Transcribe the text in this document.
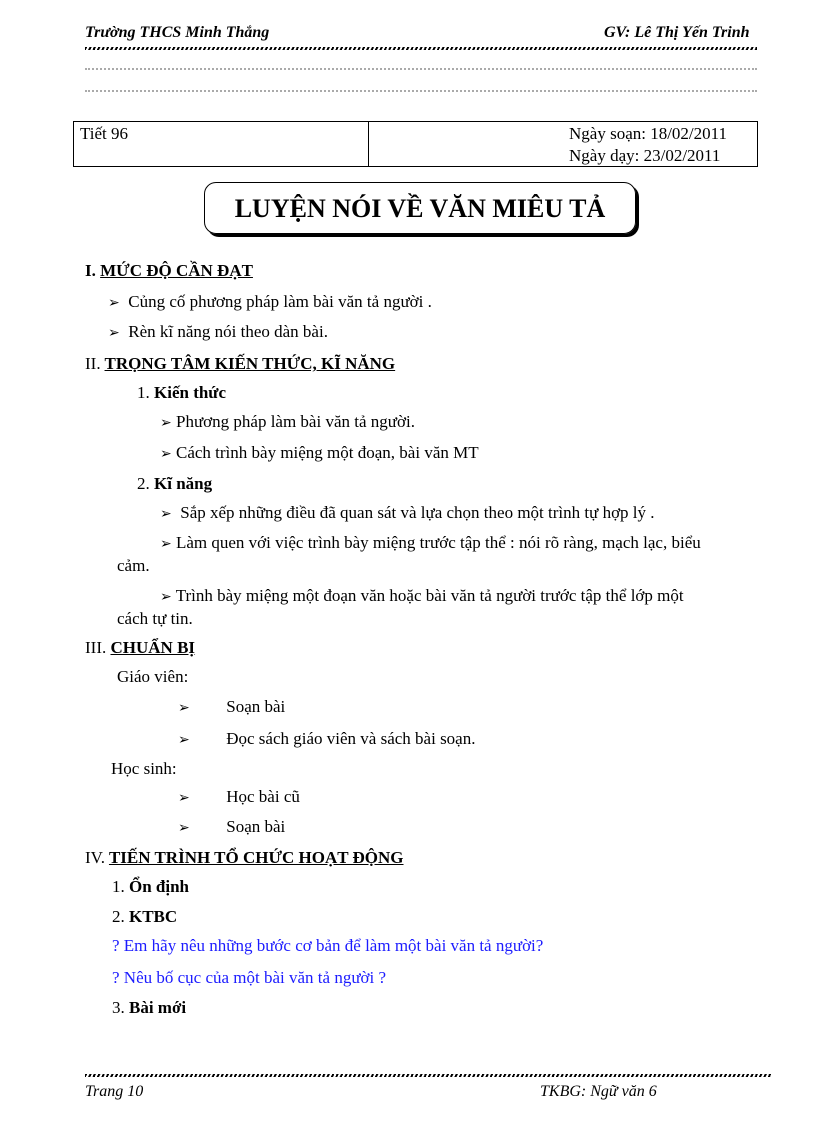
Trường THCS Minh Thắng	GV: Lê Thị Yến Trinh
Tiết 96	Ngày soạn: 18/02/2011
Ngày dạy: 23/02/2011
LUYỆN NÓI VỀ VĂN MIÊU TẢ
I. MỨC ĐỘ CẦN ĐẠT
➢ Củng cố phương pháp làm bài văn tả người .
➢ Rèn kĩ năng nói theo dàn bài.
II. TRỌNG TÂM KIẾN THỨC, KĨ NĂNG
1. Kiến thức
➢ Phương pháp làm bài văn tả người.
➢ Cách trình bày miệng một đoạn, bài văn MT
2. Kĩ năng
➢ Sắp xếp những điều đã quan sát và lựa chọn theo một trình tự hợp lý .
➢ Làm quen với việc trình bày miệng trước tập thể : nói rõ ràng, mạch lạc, biểu
cảm.
➢ Trình bày miệng một đoạn văn hoặc bài văn tả người trước tập thể lớp một
cách tự tin.
III. CHUẨN BỊ
Giáo viên:
➢ Soạn bài
➢ Đọc sách giáo viên và sách bài soạn.
Học sinh:
➢ Học bài cũ
➢ Soạn bài
IV. TIẾN TRÌNH TỔ CHỨC HOẠT ĐỘNG
1. Ổn định
2. KTBC
? Em hãy nêu những bước cơ bản để làm một bài văn tả người?
? Nêu bố cục của một bài văn tả người ?
3. Bài mới
Trang 10	TKBG: Ngữ văn 6
